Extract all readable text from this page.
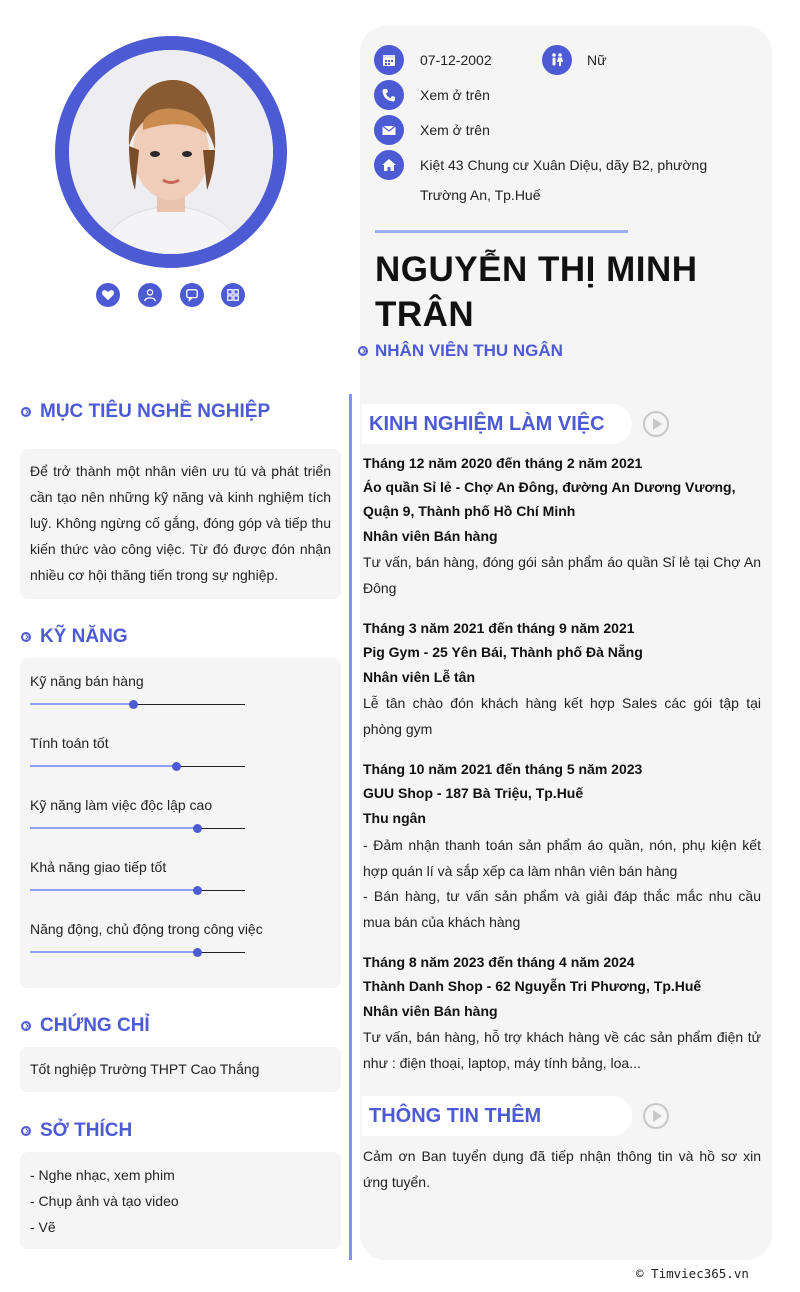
07-12-2002	Nữ
Xem ở trên
Xem ở trên
Kiệt 43 Chung cư Xuân Diệu, dãy B2, phường Trường An, Tp.Huế
NGUYỄN THỊ MINH TRÂN
NHÂN VIÊN THU NGÂN
MỤC TIÊU NGHỀ NGHIỆP
Để trở thành một nhân viên ưu tú và phát triển cần tạo nên những kỹ năng và kinh nghiệm tích luỹ. Không ngừng cố gắng, đóng góp và tiếp thu kiến thức vào công việc. Từ đó được đón nhận nhiều cơ hội thăng tiến trong sự nghiệp.
KỸ NĂNG
Kỹ năng bán hàng
Tính toán tốt
Kỹ năng làm việc độc lập cao
Khả năng giao tiếp tốt
Năng động, chủ động trong công việc
CHỨNG CHỈ
Tốt nghiệp Trường THPT Cao Thắng
SỞ THÍCH
- Nghe nhạc, xem phim
- Chụp ảnh và tạo video
- Vẽ
KINH NGHIỆM LÀM VIỆC
Tháng 12 năm 2020 đến tháng 2 năm 2021
Áo quần Sỉ lẻ - Chợ An Đông, đường An Dương Vương, Quận 9, Thành phố Hồ Chí Minh
Nhân viên Bán hàng
Tư vấn, bán hàng, đóng gói sản phẩm áo quần Sỉ lẻ tại Chợ An Đông
Tháng 3 năm 2021 đến tháng 9 năm 2021
Pig Gym - 25 Yên Bái, Thành phố Đà Nẵng
Nhân viên Lễ tân
Lễ tân chào đón khách hàng kết hợp Sales các gói tập tại phòng gym
Tháng 10 năm 2021 đến tháng 5 năm 2023
GUU Shop - 187 Bà Triệu, Tp.Huế
Thu ngân
- Đảm nhận thanh toán sản phẩm áo quần, nón, phụ kiện kết hợp quán lí và sắp xếp ca làm nhân viên bán hàng
- Bán hàng, tư vấn sản phẩm và giải đáp thắc mắc nhu cầu mua bán của khách hàng
Tháng 8 năm 2023 đến tháng 4 năm 2024
Thành Danh Shop - 62 Nguyễn Tri Phương, Tp.Huế
Nhân viên Bán hàng
Tư vấn, bán hàng, hỗ trợ khách hàng về các sản phẩm điện tử như : điện thoại, laptop, máy tính bảng, loa...
THÔNG TIN THÊM
Cảm ơn Ban tuyển dụng đã tiếp nhận thông tin và hồ sơ xin ứng tuyển.
© Timviec365.vn
